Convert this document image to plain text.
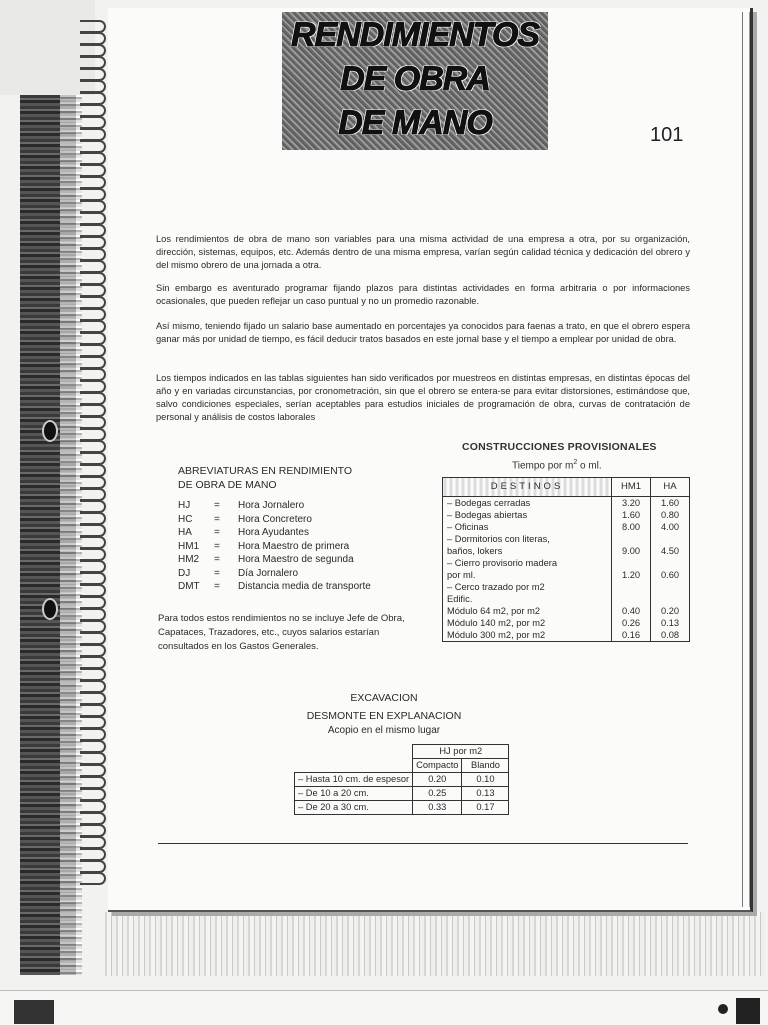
RENDIMIENTOS
DE OBRA
DE MANO	101
Los rendimientos de obra de mano son variables para una misma actividad de una empresa a otra, por su organización, dirección, sistemas, equipos, etc. Además dentro de una misma empresa, varían según calidad técnica y dedicación del obrero y del mismo obrero de una jornada a otra.
Sin embargo es aventurado programar fijando plazos para distintas actividades en forma arbitraria o por informaciones ocasionales, que pueden reflejar un caso puntual y no un promedio razonable.
Así mismo, teniendo fijado un salario base aumentado en porcentajes ya conocidos para faenas a trato, en que el obrero espera ganar más por unidad de tiempo, es fácil deducir tratos basados en este jornal base y el tiempo a emplear por unidad de obra.
Los tiempos indicados en las tablas siguientes han sido verificados por muestreos en distintas empresas, en distintas épocas del año y en variadas circunstancias, por cronometración, sin que el obrero se entera-se para evitar distorsiones, estimándose que, salvo condiciones especiales, serían aceptables para estudios iniciales de programación de obra, curvas de contratación de personal y análisis de costos laborales
ABREVIATURAS EN RENDIMIENTO
DE OBRA DE MANO
HJ	=	Hora Jornalero
HC	=	Hora Concretero
HA	=	Hora Ayudantes
HM1	=	Hora Maestro de primera
HM2	=	Hora Maestro de segunda
DJ	=	Día Jornalero
DMT	=	Distancia media de transporte
Para todos estos rendimientos no se incluye Jefe de Obra, Capataces, Trazadores, etc., cuyos salarios estarían consultados en los Gastos Generales.
CONSTRUCCIONES PROVISIONALES
Tiempo por $m^2$ o ml.
DESTINOS	HM1	HA
– Bodegas cerradas	3.20	1.60
– Bodegas abiertas	1.60	0.80
– Oficinas	8.00	4.00
– Dormitorios con literas,		
baños, lokers	9.00	4.50
– Cierro provisorio madera		
por ml.	1.20	0.60
– Cerco trazado por m2		
Edific.		
Módulo 64 m2, por m2	0.40	0.20
Módulo 140 m2, por m2	0.26	0.13
Módulo 300 m2, por m2	0.16	0.08
EXCAVACION
DESMONTE EN EXPLANACION
Acopio en el mismo lugar
	HJ por m2	
	Compacto	Blando
– Hasta 10 cm. de espesor	0.20	0.10
– De 10 a 20 cm.	0.25	0.13
– De 20 a 30 cm.	0.33	0.17
